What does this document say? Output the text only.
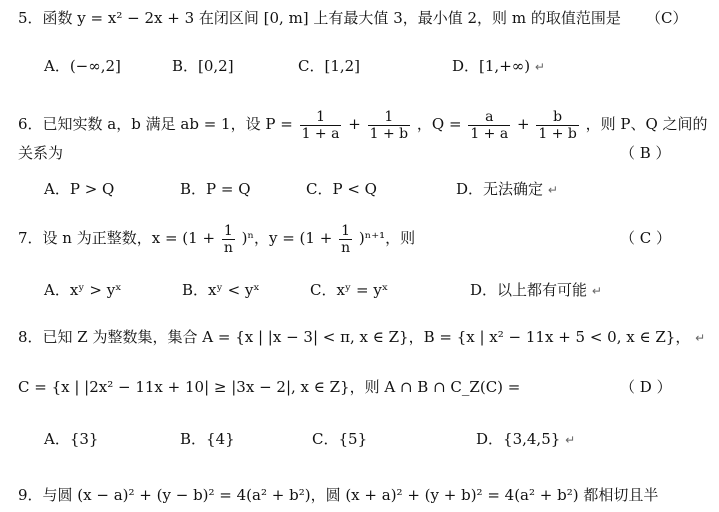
5．函数 y = x² − 2x + 3 在闭区间 [0, m] 上有最大值 3，最小值 2，则 m 的取值范围是 （C）
A．(−∞,2]	B．[0,2]	C．[1,2]	D．[1,+∞) ↵
6．已知实数 a，b 满足 ab = 1，设 $P = \frac{1}{1 + a} + \frac{1}{1 + b}$ ，$Q = \frac{a}{1 + a} + \frac{b}{1 + b}$ ，则 P、Q 之间的
关系为	（ B ）
A．P > Q	B．P = Q	C．P < Q	D．无法确定 ↵
7．设 n 为正整数，$x = (1 + \frac{1}{n} )^n$，$y = (1 + \frac{1}{n} )^{n+1}$，则	（ C ）
A．xʸ > yˣ	B．xʸ < yˣ	C．xʸ = yˣ	D．以上都有可能 ↵
8．已知 Z 为整数集，集合 A = {x | |x − 3| < π, x ∈ Z}，B = {x | x² − 11x + 5 < 0, x ∈ Z}， ↵
C = {x | |2x² − 11x + 10| ≥ |3x − 2|, x ∈ Z}，则 A ∩ B ∩ C_Z(C) =	（ D ）
A．{3}	B．{4}	C．{5}	D．{3,4,5} ↵
9．与圆 (x − a)² + (y − b)² = 4(a² + b²)，圆 (x + a)² + (y + b)² = 4(a² + b²) 都相切且半
